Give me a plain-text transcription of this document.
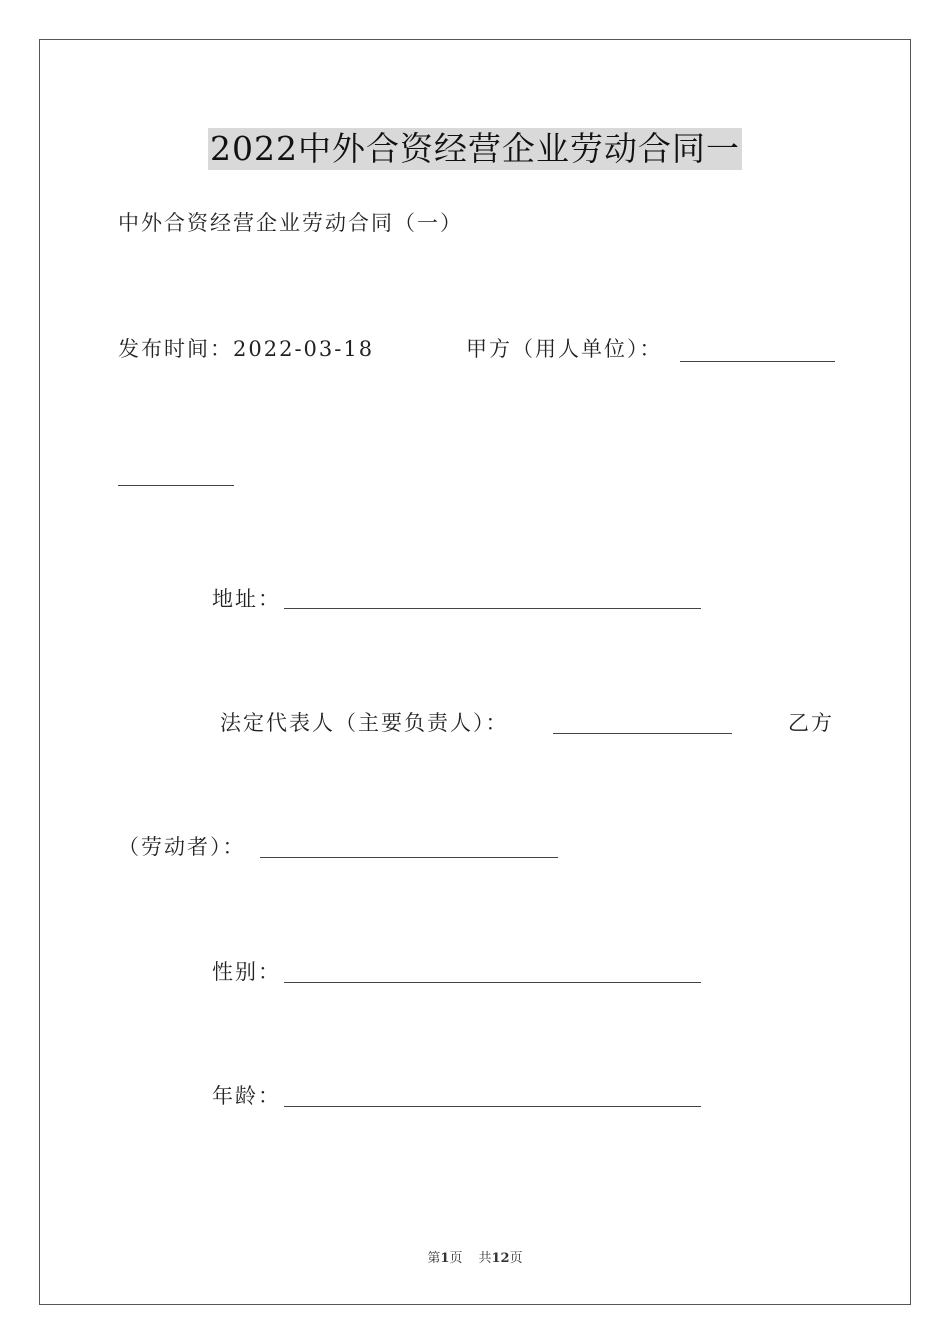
2022中外合资经营企业劳动合同一
中外合资经营企业劳动合同（一）
发布时间：2022-03-18	甲方（用人单位）：
地址：
法定代表人（主要负责人）：	乙方
（劳动者）：
性别：
年龄：
第1页 共12页
